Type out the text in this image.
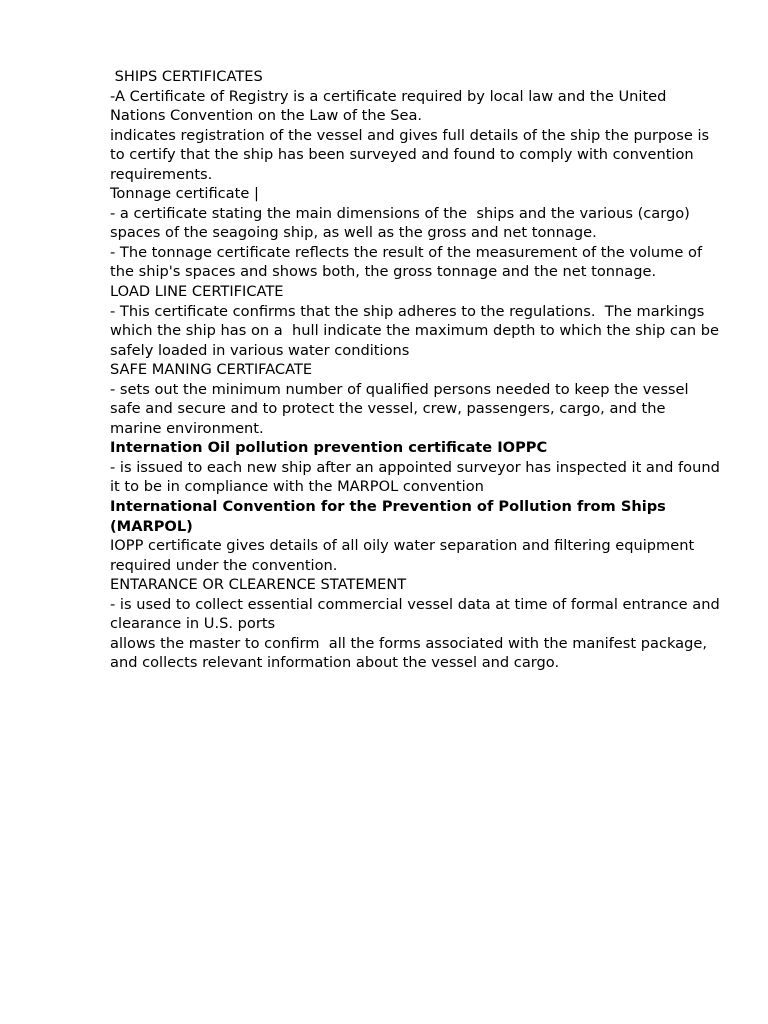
SHIPS CERTIFICATES

-A Certificate of Registry is a certificate required by local law and the United Nations Convention on the Law of the Sea.

indicates registration of the vessel and gives full details of the ship the purpose is to certify that the ship has been surveyed and found to comply with convention requirements.

Tonnage certificate |

- a certificate stating the main dimensions of the  ships and the various (cargo) spaces of the seagoing ship, as well as the gross and net tonnage.

- The tonnage certificate reflects the result of the measurement of the volume of the ship's spaces and shows both, the gross tonnage and the net tonnage.

LOAD LINE CERTIFICATE

- This certificate confirms that the ship adheres to the regulations.  The markings which the ship has on a  hull indicate the maximum depth to which the ship can be safely loaded in various water conditions

SAFE MANING CERTIFACATE

- sets out the minimum number of qualified persons needed to keep the vessel safe and secure and to protect the vessel, crew, passengers, cargo, and the marine environment.

Internation Oil pollution prevention certificate IOPPC

- is issued to each new ship after an appointed surveyor has inspected it and found it to be in compliance with the MARPOL convention

International Convention for the Prevention of Pollution from Ships (MARPOL)

IOPP certificate gives details of all oily water separation and filtering equipment  required under the convention.

ENTARANCE OR CLEARENCE STATEMENT

- is used to collect essential commercial vessel data at time of formal entrance and clearance in U.S. ports

allows the master to confirm  all the forms associated with the manifest package, and collects relevant information about the vessel and cargo.
